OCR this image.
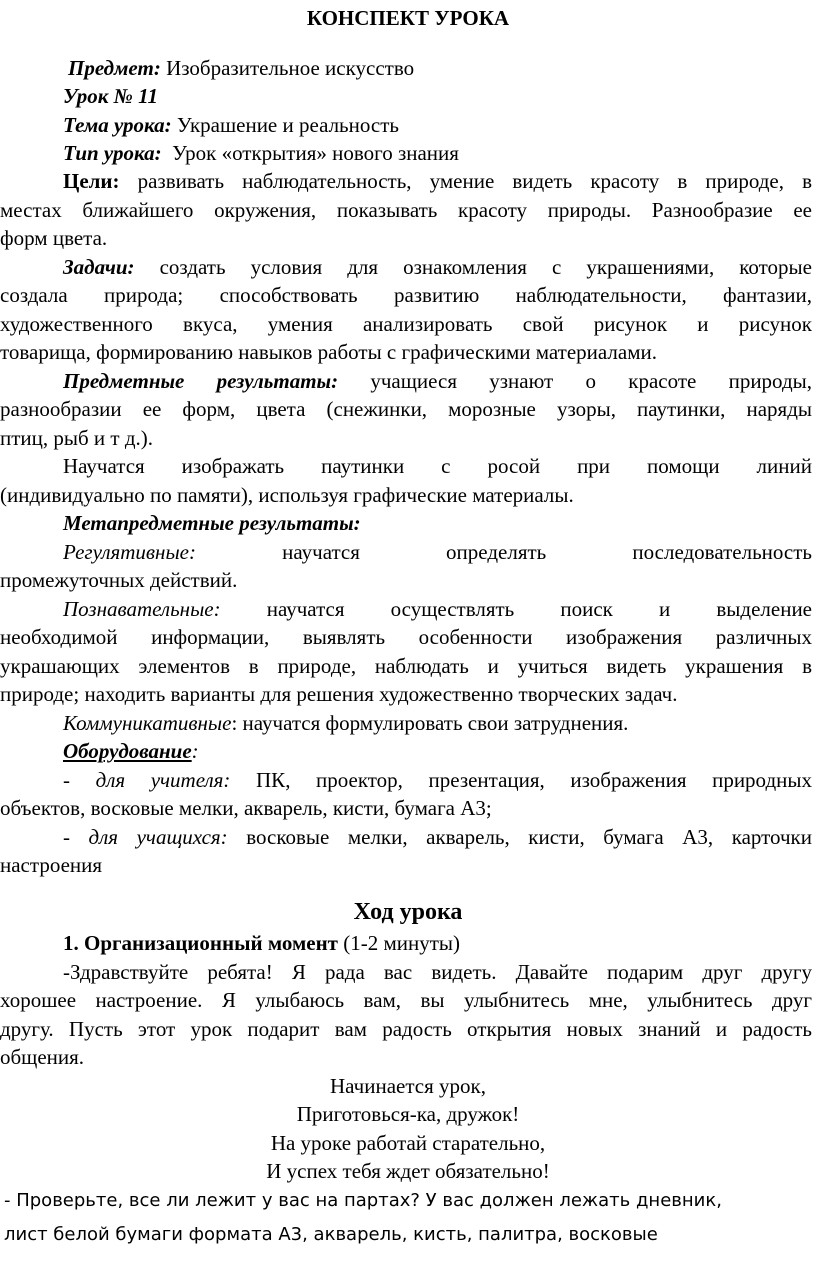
КОНСПЕКТ УРОКА
Предмет: Изобразительное искусство
Урок № 11
Тема урока: Украшение и реальность
Тип урока: Урок «открытия» нового знания
Цели: развивать наблюдательность, умение видеть красоту в природе, в
местах ближайшего окружения, показывать красоту природы. Разнообразие ее
форм цвета.
Задачи: создать условия для ознакомления с украшениями, которые
создала природа; способствовать развитию наблюдательности, фантазии,
художественного вкуса, умения анализировать свой рисунок и рисунок
товарища, формированию навыков работы с графическими материалами.
Предметные результаты: учащиеся узнают о красоте природы,
разнообразии ее форм, цвета (снежинки, морозные узоры, паутинки, наряды
птиц, рыб и т д.).
Научатся изображать паутинки с росой при помощи линий
(индивидуально по памяти), используя графические материалы.
Метапредметные результаты:
Регулятивные:	научатся определять последовательность
промежуточных действий.
Познавательные: научатся осуществлять поиск и выделение
необходимой информации, выявлять особенности изображения различных
украшающих элементов в природе, наблюдать и учиться видеть украшения в
природе; находить варианты для решения художественно творческих задач.
Коммуникативные: научатся формулировать свои затруднения.
Оборудование:
- для учителя: ПК, проектор, презентация, изображения природных
объектов, восковые мелки, акварель, кисти, бумага А3;
- для учащихся: восковые мелки, акварель, кисти, бумага А3, карточки
настроения
Ход урока
1. Организационный момент (1-2 минуты)
-Здравствуйте ребята! Я рада вас видеть. Давайте подарим друг другу
хорошее настроение. Я улыбаюсь вам, вы улыбнитесь мне, улыбнитесь друг
другу. Пусть этот урок подарит вам радость открытия новых знаний и радость
общения.
Начинается урок,
Приготовься-ка, дружок!
На уроке работай старательно,
И успех тебя ждет обязательно!
- Проверьте, все ли лежит у вас на партах? У вас должен лежать дневник,
лист белой бумаги формата А3, акварель, кисть, палитра, восковые
